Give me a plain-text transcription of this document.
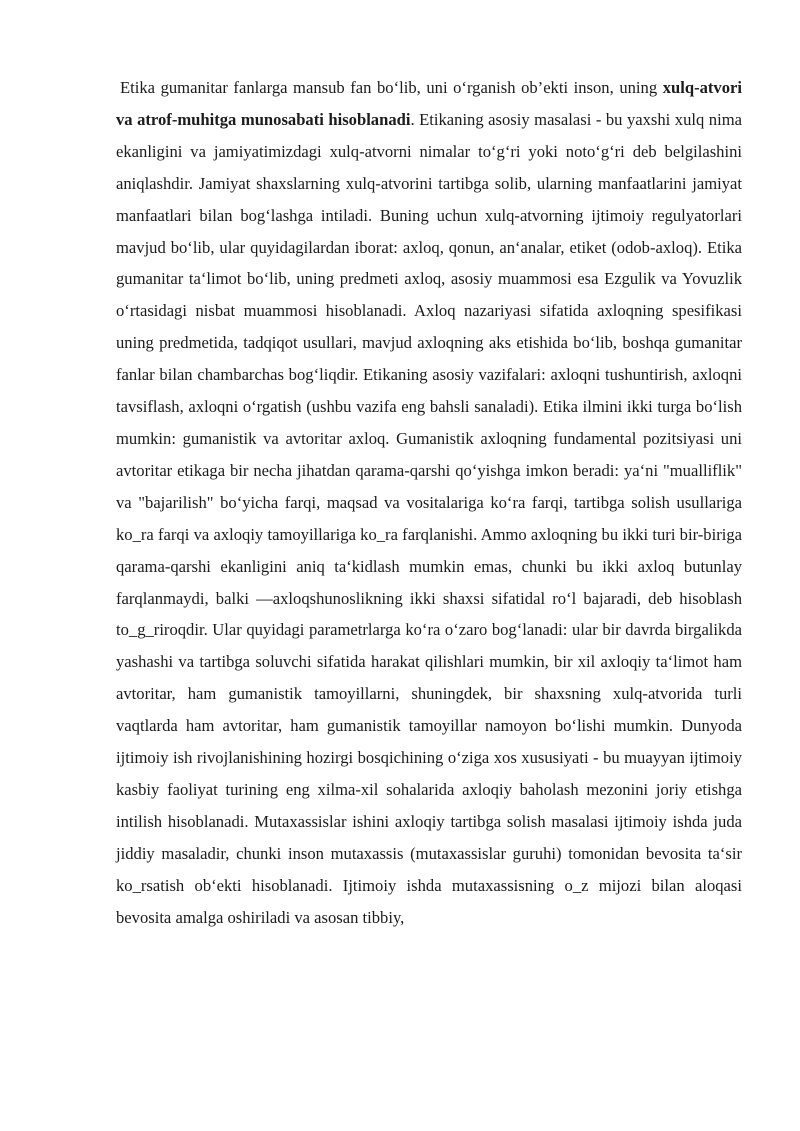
Etika gumanitar fanlarga mansub fan bo‘lib, uni o‘rganish ob’ekti inson, uning xulq-atvori va atrof-muhitga munosabati hisoblanadi. Etikaning asosiy masalasi - bu yaxshi xulq nima ekanligini va jamiyatimizdagi xulq-atvorni nimalar to‘g‘ri yoki noto‘g‘ri deb belgilashini aniqlashdir. Jamiyat shaxslarning xulq-atvorini tartibga solib, ularning manfaatlarini jamiyat manfaatlari bilan bog‘lashga intiladi. Buning uchun xulq-atvorning ijtimoiy regulyatorlari mavjud bo‘lib, ular quyidagilardan iborat: axloq, qonun, an‘analar, etiket (odob-axloq). Etika gumanitar ta‘limot bo‘lib, uning predmeti axloq, asosiy muammosi esa Ezgulik va Yovuzlik o‘rtasidagi nisbat muammosi hisoblanadi. Axloq nazariyasi sifatida axloqning spesifikasi uning predmetida, tadqiqot usullari, mavjud axloqning aks etishida bo‘lib, boshqa gumanitar fanlar bilan chambarchas bog‘liqdir. Etikaning asosiy vazifalari: axloqni tushuntirish, axloqni tavsiflash, axloqni o‘rgatish (ushbu vazifa eng bahsli sanaladi). Etika ilmini ikki turga bo‘lish mumkin: gumanistik va avtoritar axloq. Gumanistik axloqning fundamental pozitsiyasi uni avtoritar etikaga bir necha jihatdan qarama-qarshi qo‘yishga imkon beradi: ya‘ni "mualliflik" va "bajarilish" bo‘yicha farqi, maqsad va vositalariga ko‘ra farqi, tartibga solish usullariga ko_ra farqi va axloqiy tamoyillariga ko_ra farqlanishi. Ammo axloqning bu ikki turi bir-biriga qarama-qarshi ekanligini aniq ta‘kidlash mumkin emas, chunki bu ikki axloq butunlay farqlanmaydi, balki ―axloqshunoslikning ikki shaxsi sifatidal ro‘l bajaradi, deb hisoblash to_g_riroqdir. Ular quyidagi parametrlarga ko‘ra o‘zaro bog‘lanadi: ular bir davrda birgalikda yashashi va tartibga soluvchi sifatida harakat qilishlari mumkin, bir xil axloqiy ta‘limot ham avtoritar, ham gumanistik tamoyillarni, shuningdek, bir shaxsning xulq-atvorida turli vaqtlarda ham avtoritar, ham gumanistik tamoyillar namoyon bo‘lishi mumkin. Dunyoda ijtimoiy ish rivojlanishining hozirgi bosqichining o‘ziga xos xususiyati - bu muayyan ijtimoiy kasbiy faoliyat turining eng xilma-xil sohalarida axloqiy baholash mezonini joriy etishga intilish hisoblanadi. Mutaxassislar ishini axloqiy tartibga solish masalasi ijtimoiy ishda juda jiddiy masaladir, chunki inson mutaxassis (mutaxassislar guruhi) tomonidan bevosita ta‘sir ko_rsatish ob‘ekti hisoblanadi. Ijtimoiy ishda mutaxassisning o_z mijozi bilan aloqasi bevosita amalga oshiriladi va asosan tibbiy,
